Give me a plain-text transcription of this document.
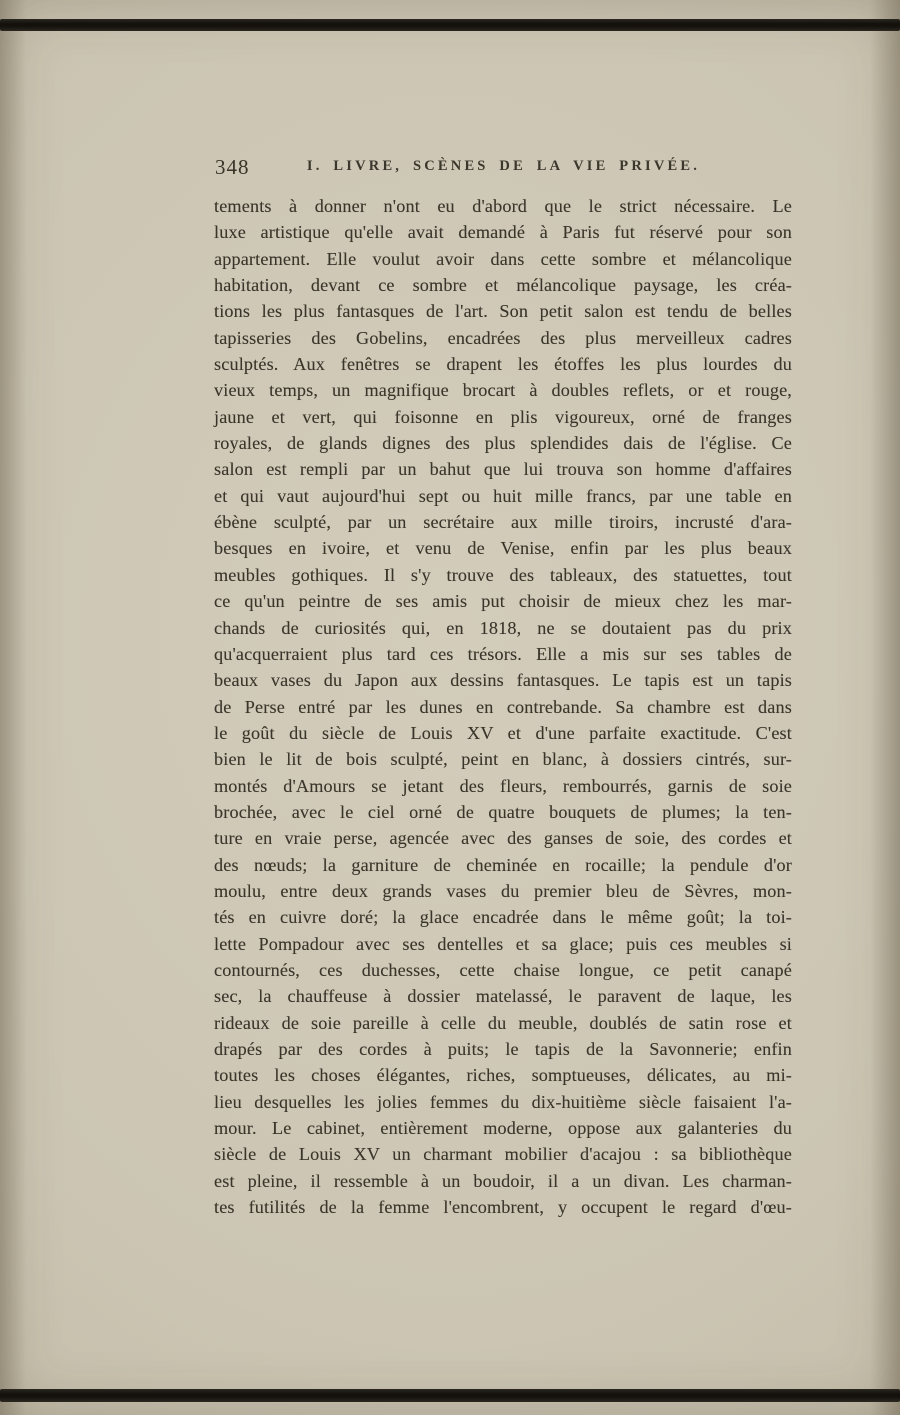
348	I. LIVRE, SCÈNES DE LA VIE PRIVÉE.
tements à donner n'ont eu d'abord que le strict nécessaire. Le
luxe artistique qu'elle avait demandé à Paris fut réservé pour son
appartement. Elle voulut avoir dans cette sombre et mélancolique
habitation, devant ce sombre et mélancolique paysage, les créa-
tions les plus fantasques de l'art. Son petit salon est tendu de belles
tapisseries des Gobelins, encadrées des plus merveilleux cadres
sculptés. Aux fenêtres se drapent les étoffes les plus lourdes du
vieux temps, un magnifique brocart à doubles reflets, or et rouge,
jaune et vert, qui foisonne en plis vigoureux, orné de franges
royales, de glands dignes des plus splendides dais de l'église. Ce
salon est rempli par un bahut que lui trouva son homme d'affaires
et qui vaut aujourd'hui sept ou huit mille francs, par une table en
ébène sculpté, par un secrétaire aux mille tiroirs, incrusté d'ara-
besques en ivoire, et venu de Venise, enfin par les plus beaux
meubles gothiques. Il s'y trouve des tableaux, des statuettes, tout
ce qu'un peintre de ses amis put choisir de mieux chez les mar-
chands de curiosités qui, en 1818, ne se doutaient pas du prix
qu'acquerraient plus tard ces trésors. Elle a mis sur ses tables de
beaux vases du Japon aux dessins fantasques. Le tapis est un tapis
de Perse entré par les dunes en contrebande. Sa chambre est dans
le goût du siècle de Louis XV et d'une parfaite exactitude. C'est
bien le lit de bois sculpté, peint en blanc, à dossiers cintrés, sur-
montés d'Amours se jetant des fleurs, rembourrés, garnis de soie
brochée, avec le ciel orné de quatre bouquets de plumes; la ten-
ture en vraie perse, agencée avec des ganses de soie, des cordes et
des nœuds; la garniture de cheminée en rocaille; la pendule d'or
moulu, entre deux grands vases du premier bleu de Sèvres, mon-
tés en cuivre doré; la glace encadrée dans le même goût; la toi-
lette Pompadour avec ses dentelles et sa glace; puis ces meubles si
contournés, ces duchesses, cette chaise longue, ce petit canapé
sec, la chauffeuse à dossier matelassé, le paravent de laque, les
rideaux de soie pareille à celle du meuble, doublés de satin rose et
drapés par des cordes à puits; le tapis de la Savonnerie; enfin
toutes les choses élégantes, riches, somptueuses, délicates, au mi-
lieu desquelles les jolies femmes du dix-huitième siècle faisaient l'a-
mour. Le cabinet, entièrement moderne, oppose aux galanteries du
siècle de Louis XV un charmant mobilier d'acajou : sa bibliothèque
est pleine, il ressemble à un boudoir, il a un divan. Les charman-
tes futilités de la femme l'encombrent, y occupent le regard d'œu-
